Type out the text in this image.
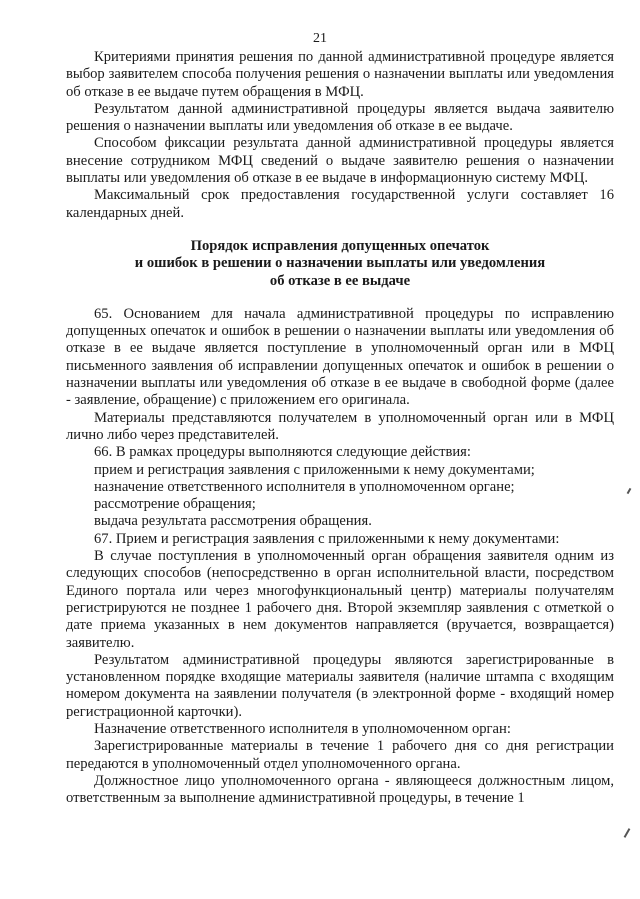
21

Критериями принятия решения по данной административной процедуре является выбор заявителем способа получения решения о назначении выплаты или уведомления об отказе в ее выдаче путем обращения в МФЦ.

Результатом данной административной процедуры является выдача заявителю решения о назначении выплаты или уведомления об отказе в ее выдаче.

Способом фиксации результата данной административной процедуры является внесение сотрудником МФЦ сведений о выдаче заявителю решения о назначении выплаты или уведомления об отказе в ее выдаче в информационную систему МФЦ.

Максимальный срок предоставления государственной услуги составляет 16 календарных дней.

Порядок исправления допущенных опечаток
и ошибок в решении о назначении выплаты или уведомления
об отказе в ее выдаче

65. Основанием для начала административной процедуры по исправлению допущенных опечаток и ошибок в решении о назначении выплаты или уведомления об отказе в ее выдаче является поступление в уполномоченный орган или в МФЦ письменного заявления об исправлении допущенных опечаток и ошибок в решении о назначении выплаты или уведомления об отказе в ее выдаче в свободной форме (далее - заявление, обращение) с приложением его оригинала.

Материалы представляются получателем в уполномоченный орган или в МФЦ лично либо через представителей.

66. В рамках процедуры выполняются следующие действия:

прием и регистрация заявления с приложенными к нему документами;

назначение ответственного исполнителя в уполномоченном органе;

рассмотрение обращения;

выдача результата рассмотрения обращения.

67. Прием и регистрация заявления с приложенными к нему документами:

В случае поступления в уполномоченный орган обращения заявителя одним из следующих способов (непосредственно в орган исполнительной власти, посредством Единого портала или через многофункциональный центр) материалы получателям регистрируются не позднее 1 рабочего дня. Второй экземпляр заявления с отметкой о дате приема указанных в нем документов направляется (вручается, возвращается) заявителю.

Результатом административной процедуры являются зарегистрированные в установленном порядке входящие материалы заявителя (наличие штампа с входящим номером документа на заявлении получателя (в электронной форме - входящий номер регистрационной карточки).

Назначение ответственного исполнителя в уполномоченном орган:

Зарегистрированные материалы в течение 1 рабочего дня со дня регистрации передаются в уполномоченный отдел уполномоченного органа.

Должностное лицо уполномоченного органа - являющееся должностным лицом, ответственным за выполнение административной процедуры, в течение 1
